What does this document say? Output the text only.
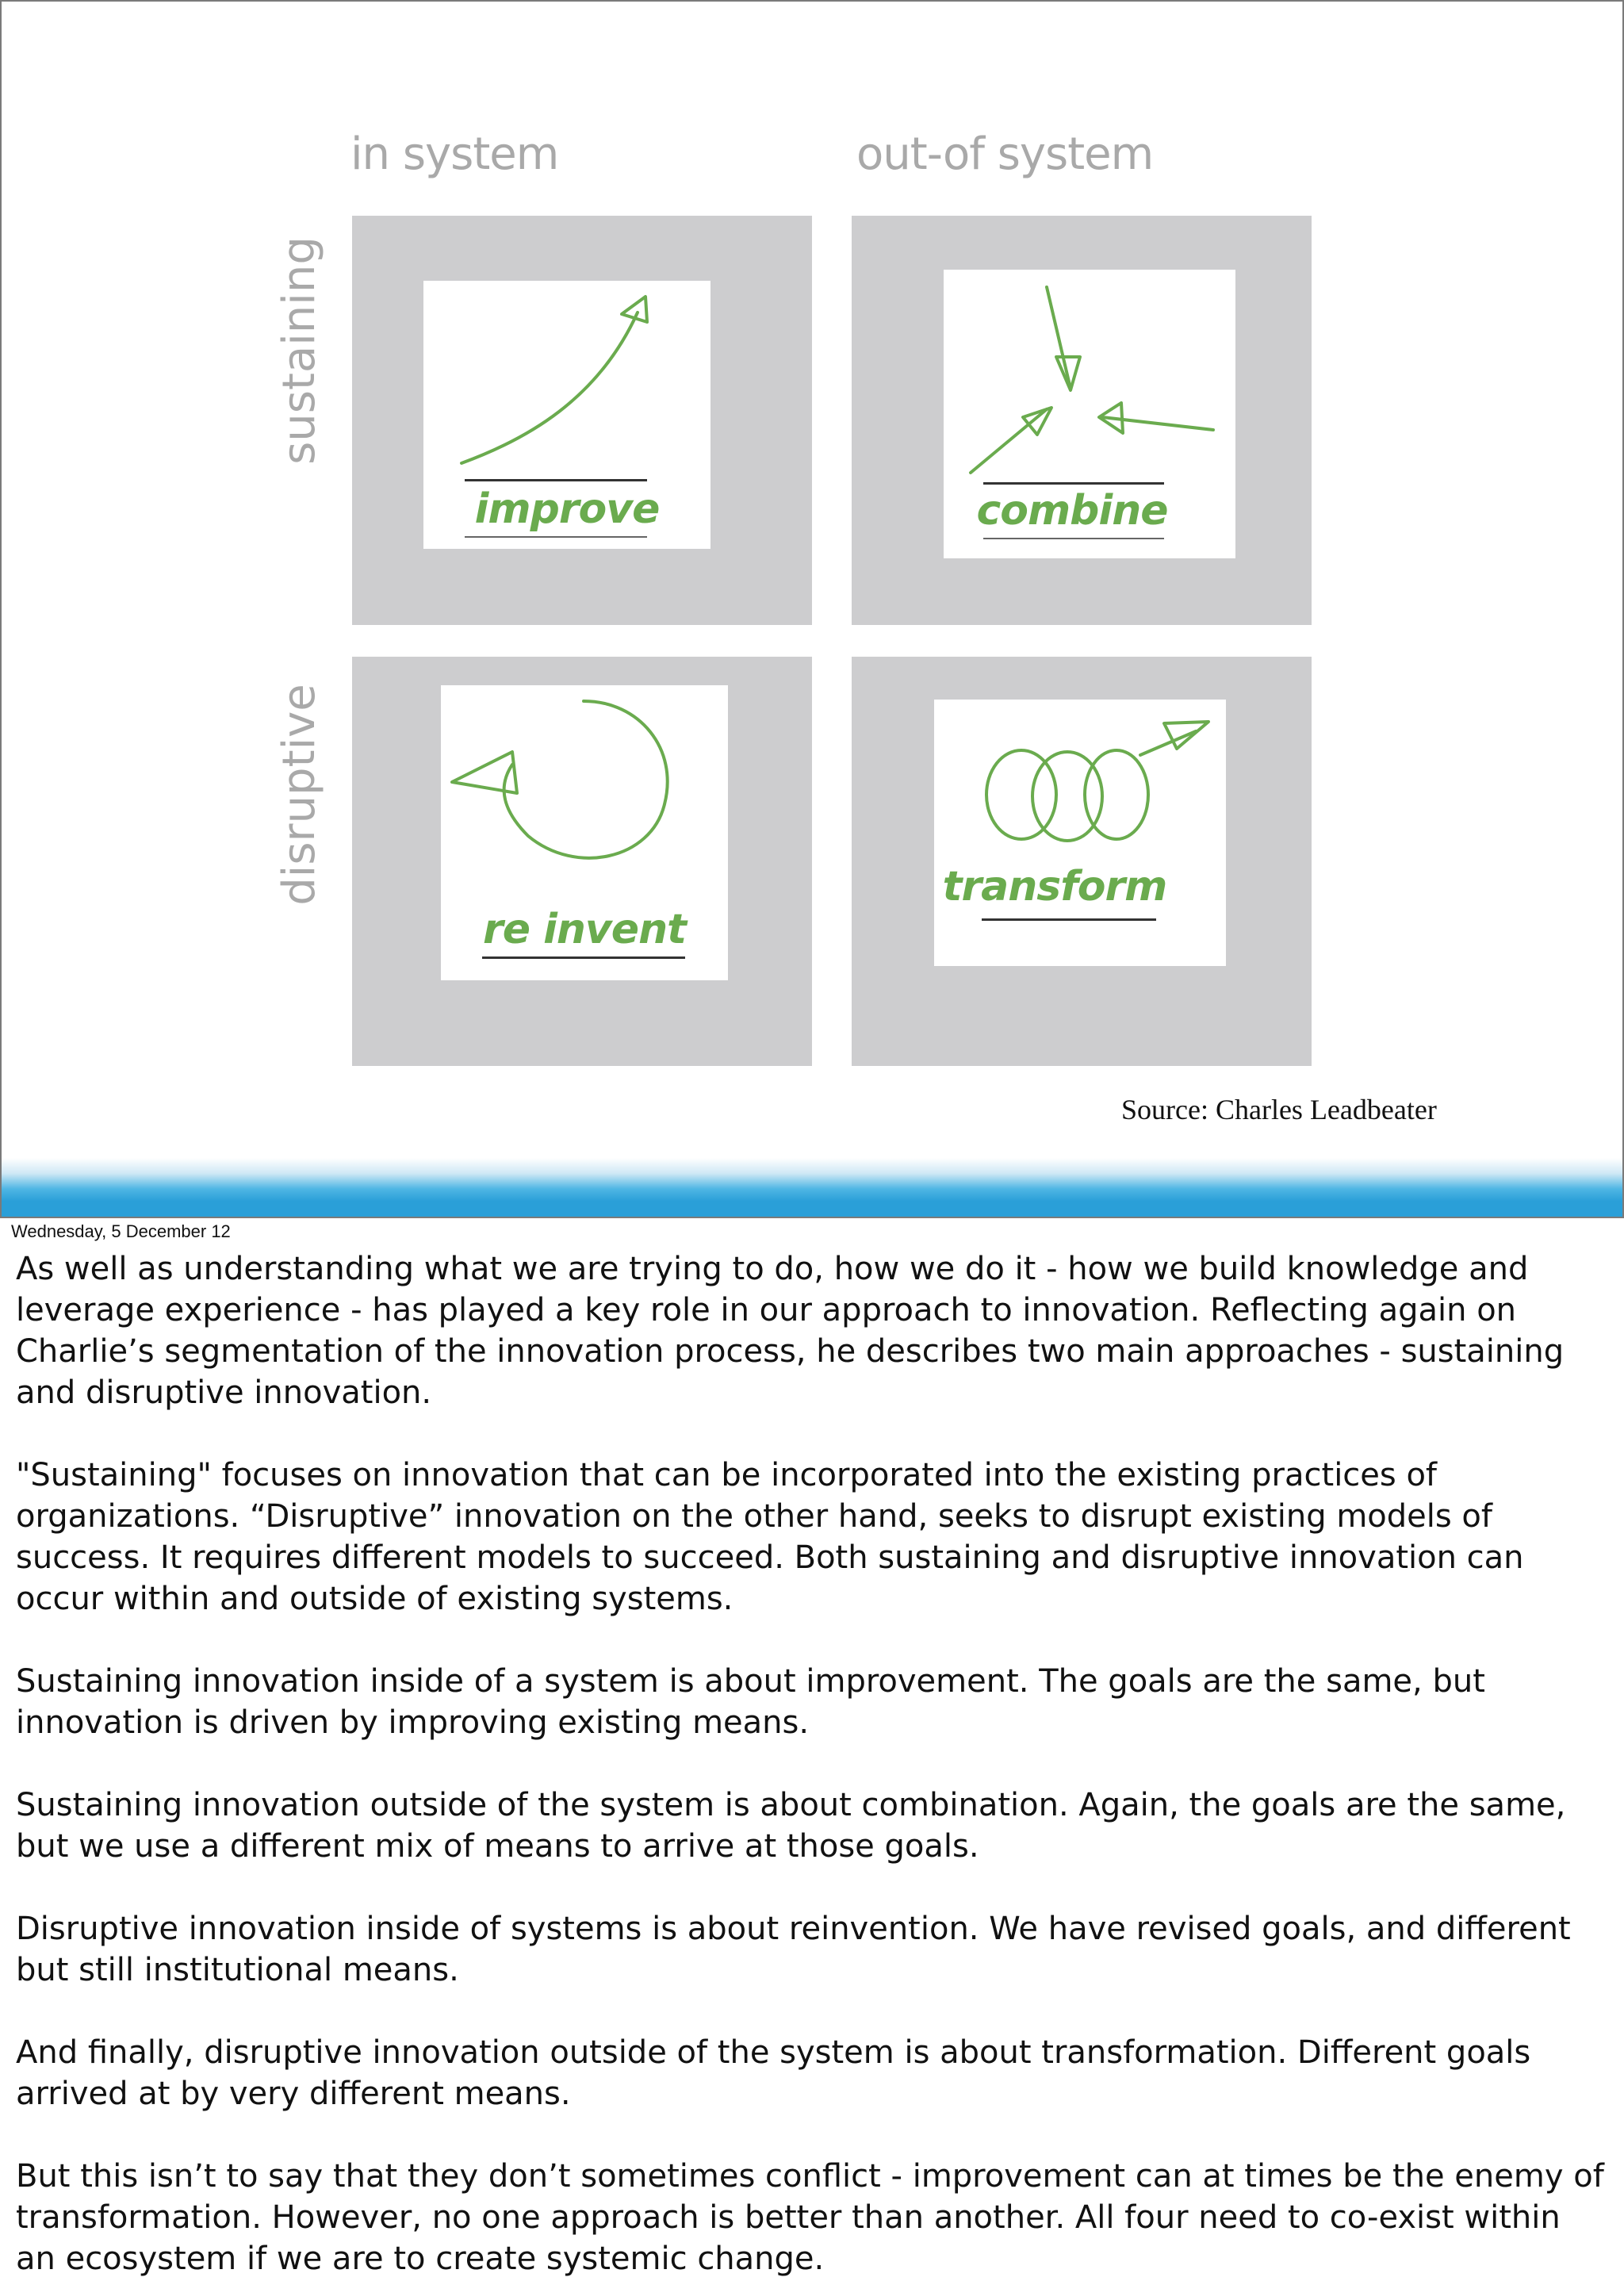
in system	out-of system
sustaining
disruptive
improve	combine
re invent
transform
Source: Charles Leadbeater
Wednesday, 5 December 12

As well as understanding what we are trying to do, how we do it - how we build knowledge and leverage experience - has played a key role in our approach to innovation. Reflecting again on Charlie’s segmentation of the innovation process, he describes two main approaches - sustaining and disruptive innovation.

"Sustaining" focuses on innovation that can be incorporated into the existing practices of organizations. “Disruptive” innovation on the other hand, seeks to disrupt existing models of success. It requires different models to succeed. Both sustaining and disruptive innovation can occur within and outside of existing systems.

Sustaining innovation inside of a system is about improvement. The goals are the same, but innovation is driven by improving existing means.

Sustaining innovation outside of the system is about combination. Again, the goals are the same, but we use a different mix of means to arrive at those goals.

Disruptive innovation inside of systems is about reinvention. We have revised goals, and different but still institutional means.

And finally, disruptive innovation outside of the system is about transformation. Different goals arrived at by very different means.

But this isn’t to say that they don’t sometimes conflict - improvement can at times be the enemy of transformation. However, no one approach is better than another. All four need to co-exist within an ecosystem if we are to create systemic change.
